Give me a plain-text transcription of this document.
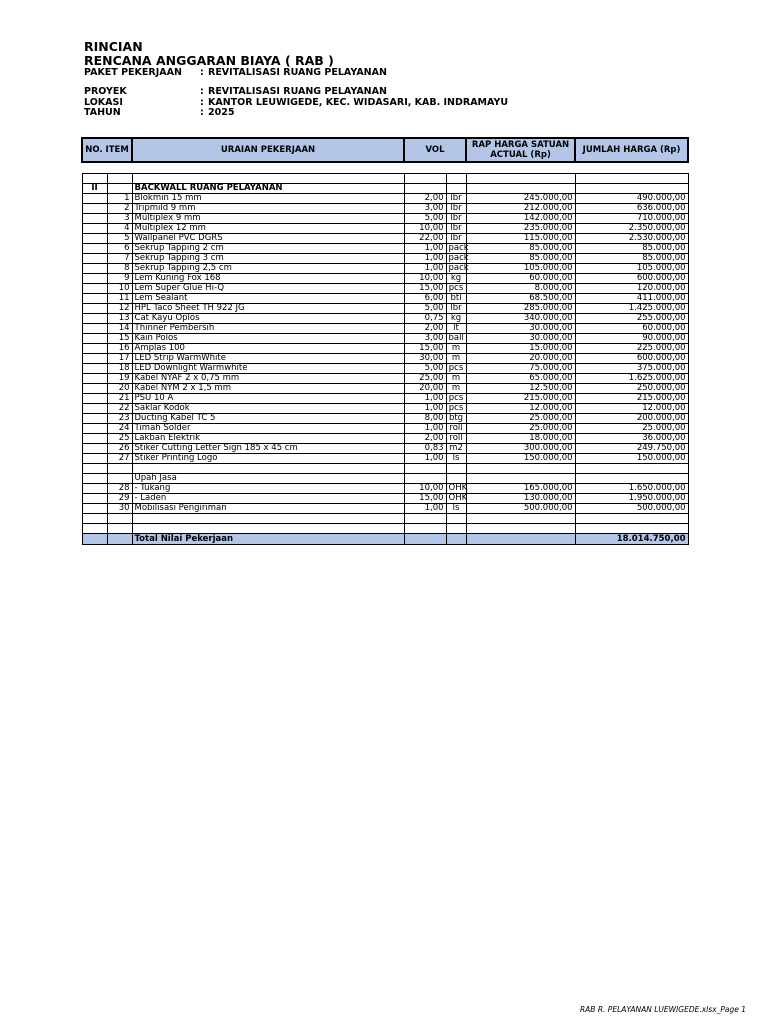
RINCIAN
RENCANA ANGGARAN BIAYA ( RAB )
PAKET PEKERJAAN : REVITALISASI RUANG PELAYANAN
PROYEK	: REVITALISASI RUANG PELAYANAN
LOKASI	: KANTOR LEUWIGEDE, KEC. WIDASARI, KAB. INDRAMAYU
TAHUN	: 2025
NO. ITEM		URAIAN PEKERJAAN	VOL		RAP HARGA SATUAN ACTUAL (Rp)	JUMLAH HARGA (Rp)

II		BACKWALL RUANG PELAYANAN				
	1	Blokmin 15 mm	2,00	lbr	245.000,00	490.000,00
	2	Tripmild 9 mm	3,00	lbr	212.000,00	636.000,00
	3	Multiplex 9 mm	5,00	lbr	142.000,00	710.000,00
	4	Multiplex 12 mm	10,00	lbr	235.000,00	2.350.000,00
	5	Wallpanel PVC DGRS	22,00	lbr	115.000,00	2.530.000,00
	6	Sekrup Tapping 2 cm	1,00	pack	85.000,00	85.000,00
	7	Sekrup Tapping 3 cm	1,00	pack	85.000,00	85.000,00
	8	Sekrup Tapping 2,5 cm	1,00	pack	105.000,00	105.000,00
	9	Lem Kuning Fox 168	10,00	kg	60.000,00	600.000,00
	10	Lem Super Glue Hi-Q	15,00	pcs	8.000,00	120.000,00
	11	Lem Sealant	6,00	btl	68.500,00	411.000,00
	12	HPL Taco Sheet TH 922 JG	5,00	lbr	285.000,00	1.425.000,00
	13	Cat Kayu Oplos	0,75	kg	340.000,00	255.000,00
	14	Thinner Pembersih	2,00	lt	30.000,00	60.000,00
	15	Kain Polos	3,00	ball	30.000,00	90.000,00
	16	Amplas 100	15,00	m	15.000,00	225.000,00
	17	LED Strip WarmWhite	30,00	m	20.000,00	600.000,00
	18	LED Downlight Warmwhite	5,00	pcs	75.000,00	375.000,00
	19	Kabel NYAF 2 x 0,75 mm	25,00	m	65.000,00	1.625.000,00
	20	Kabel NYM 2 x 1,5 mm	20,00	m	12.500,00	250.000,00
	21	PSU 10 A	1,00	pcs	215.000,00	215.000,00
	22	Saklar Kodok	1,00	pcs	12.000,00	12.000,00
	23	Ducting Kabel TC 5	8,00	btg	25.000,00	200.000,00
	24	Timah Solder	1,00	roll	25.000,00	25.000,00
	25	Lakban Elektrik	2,00	roll	18.000,00	36.000,00
	26	Stiker Cutting Letter Sign 185 x 45 cm	0,83	m2	300.000,00	249.750,00
	27	Stiker Printing Logo	1,00	ls	150.000,00	150.000,00

		Upah Jasa				
	28	- Tukang	10,00	OHK	165.000,00	1.650.000,00
	29	- Laden	15,00	OHK	130.000,00	1.950.000,00
	30	Mobilisasi Pengiriman	1,00	ls	500.000,00	500.000,00

		Total Nilai Pekerjaan				18.014.750,00
RAB R. PELAYANAN LUEWIGEDE.xlsx_Page 1
